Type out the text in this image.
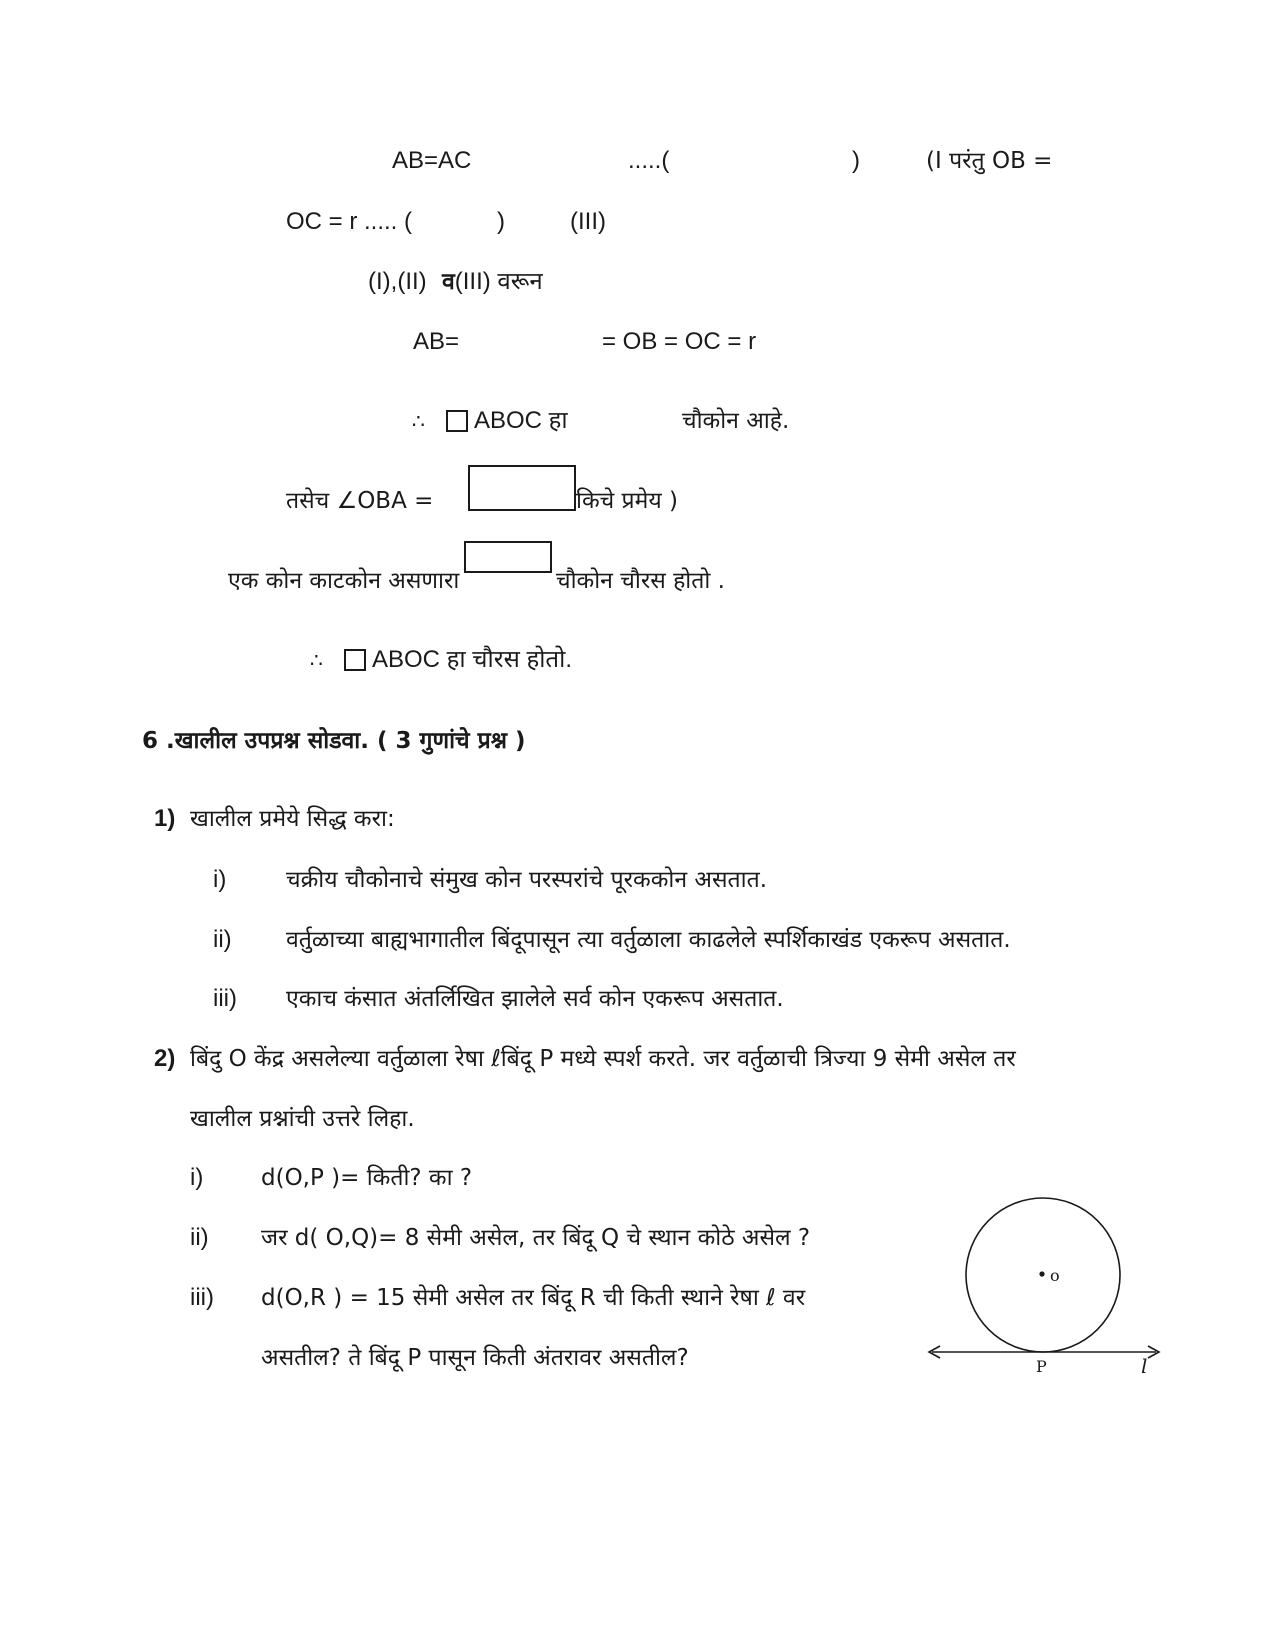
AB=AC	.....(	)	(I परंतु OB =
OC = r ..... (	)	(III)
(I),(II) व(III) वरून
AB=	= OB = OC = r
∴ ABOC हा	चौकोन आहे.
तसेच ∠OBA =	किचे प्रमेय )
एक कोन काटकोन असणारा	चौकोन चौरस होतो .
∴ ABOC हा चौरस होतो.
6 .खालील उपप्रश्न सोडवा. ( 3 गुणांचे प्रश्न )
1) खालील प्रमेये सिद्ध करा:
i)	चक्रीय चौकोनाचे संमुख कोन परस्परांचे पूरककोन असतात.
ii) वर्तुळाच्या बाह्यभागातील बिंदूपासून त्या वर्तुळाला काढलेले स्पर्शिकाखंड एकरूप असतात.
iii) एकाच कंसात अंतर्लिखित झालेले सर्व कोन एकरूप असतात.
2) बिंदु O केंद्र असलेल्या वर्तुळाला रेषा ℓबिंदू P मध्ये स्पर्श करते. जर वर्तुळाची त्रिज्या 9 सेमी असेल तर
खालील प्रश्नांची उत्तरे लिहा.
i)	d(O,P )= किती? का ?
ii) जर d( O,Q)= 8 सेमी असेल, तर बिंदू Q चे स्थान कोठे असेल ?
iii) d(O,R ) = 15 सेमी असेल तर बिंदू R ची किती स्थाने रेषा ℓ वर
असतील? ते बिंदू P पासून किती अंतरावर असतील?
o
P	l
